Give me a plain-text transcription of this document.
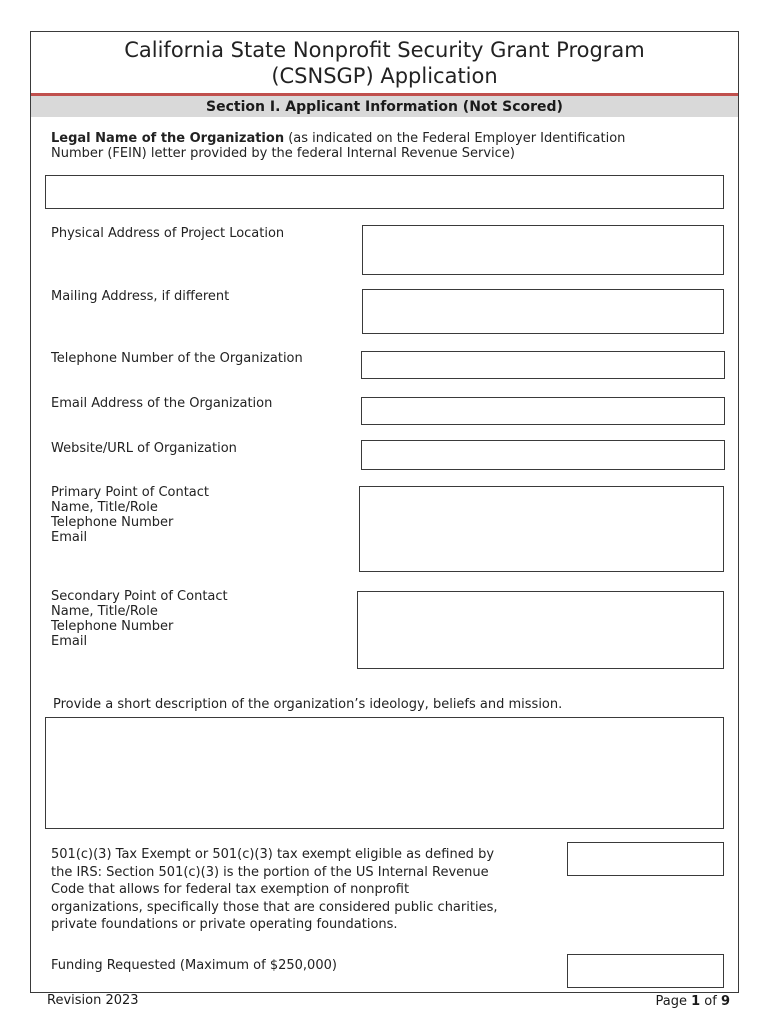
California State Nonprofit Security Grant Program
(CSNSGP) Application
Section I. Applicant Information (Not Scored)
Legal Name of the Organization (as indicated on the Federal Employer Identification
Number (FEIN) letter provided by the federal Internal Revenue Service)
Physical Address of Project Location
Mailing Address, if different
Telephone Number of the Organization
Email Address of the Organization
Website/URL of Organization
Primary Point of Contact
Name, Title/Role
Telephone Number
Email
Secondary Point of Contact
Name, Title/Role
Telephone Number
Email
Provide a short description of the organization’s ideology, beliefs and mission.
501(c)(3) Tax Exempt or 501(c)(3) tax exempt eligible as defined by
the IRS: Section 501(c)(3) is the portion of the US Internal Revenue
Code that allows for federal tax exemption of nonprofit
organizations, specifically those that are considered public charities,
private foundations or private operating foundations.
Funding Requested (Maximum of $250,000)
Revision 2023	Page 1 of 9
